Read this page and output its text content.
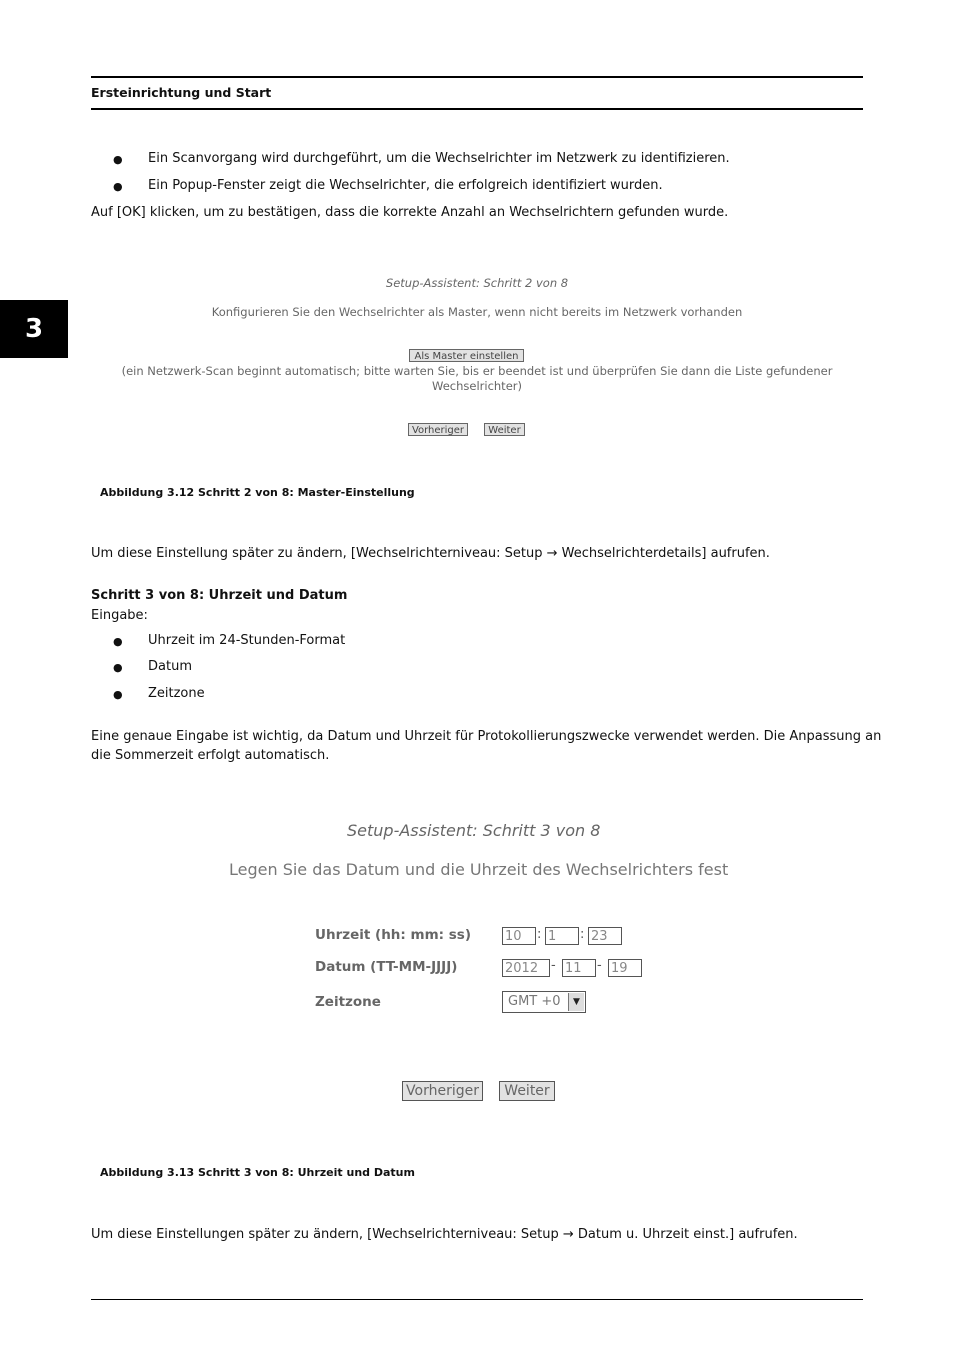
Ersteinrichtung und Start
3
● Ein Scanvorgang wird durchgeführt, um die Wechselrichter im Netzwerk zu identifizieren.
● Ein Popup-Fenster zeigt die Wechselrichter, die erfolgreich identifiziert wurden.
Auf [OK] klicken, um zu bestätigen, dass die korrekte Anzahl an Wechselrichtern gefunden wurde.
Setup-Assistent: Schritt 2 von 8
Konfigurieren Sie den Wechselrichter als Master, wenn nicht bereits im Netzwerk vorhanden
Als Master einstellen
(ein Netzwerk-Scan beginnt automatisch; bitte warten Sie, bis er beendet ist und überprüfen Sie dann die Liste gefundener
Wechselrichter)
Vorheriger	Weiter
Abbildung 3.12 Schritt 2 von 8: Master-Einstellung
Um diese Einstellung später zu ändern, [Wechselrichterniveau: Setup → Wechselrichterdetails] aufrufen.
Schritt 3 von 8: Uhrzeit und Datum
Eingabe:
● Uhrzeit im 24-Stunden-Format
● Datum
● Zeitzone
Eine genaue Eingabe ist wichtig, da Datum und Uhrzeit für Protokollierungszwecke verwendet werden. Die Anpassung an
die Sommerzeit erfolgt automatisch.
Setup-Assistent: Schritt 3 von 8
Legen Sie das Datum und die Uhrzeit des Wechselrichters fest
Uhrzeit (hh: mm: ss)	10	: 1	: 23
Datum (TT-MM-JJJJ)	2012 - 11	- 19
Zeitzone	GMT +0	▼
Vorheriger	Weiter
Abbildung 3.13 Schritt 3 von 8: Uhrzeit und Datum
Um diese Einstellungen später zu ändern, [Wechselrichterniveau: Setup → Datum u. Uhrzeit einst.] aufrufen.
